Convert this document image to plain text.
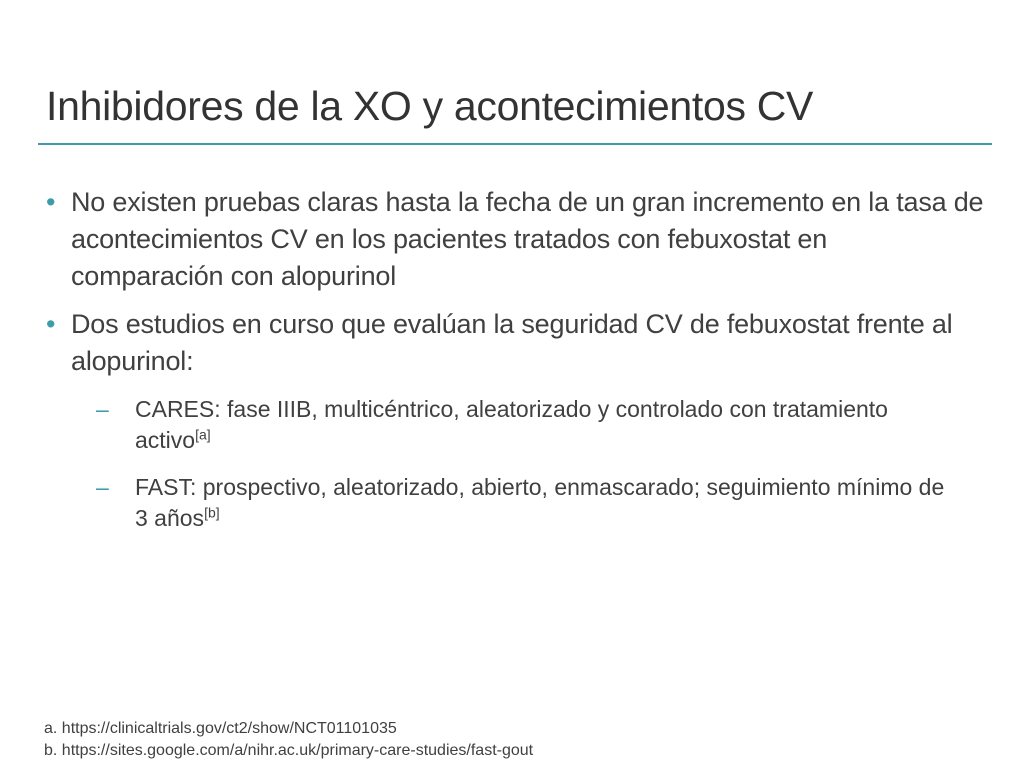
Inhibidores de la XO y acontecimientos CV
• No existen pruebas claras hasta la fecha de un gran incremento en la tasa de acontecimientos CV en los pacientes tratados con febuxostat en comparación con alopurinol
• Dos estudios en curso que evalúan la seguridad CV de febuxostat frente al alopurinol:
– CARES: fase IIIB, multicéntrico, aleatorizado y controlado con tratamiento activo[a]
– FAST: prospectivo, aleatorizado, abierto, enmascarado; seguimiento mínimo de 3 años[b]
a. https://clinicaltrials.gov/ct2/show/NCT01101035
b. https://sites.google.com/a/nihr.ac.uk/primary-care-studies/fast-gout
